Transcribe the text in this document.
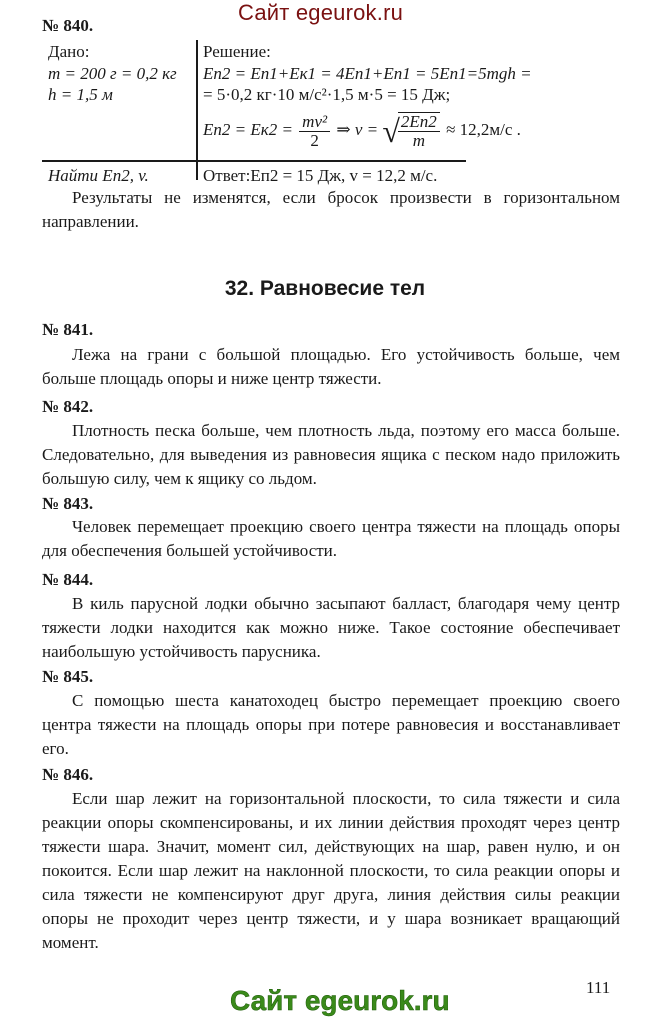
Сайт egeurok.ru
№ 840.
Дано:
m = 200 г = 0,2 кг
h = 1,5 м
Решение:
Eп2 = Eп1+Eк1 = 4Eп1+Eп1 = 5Eп1=5mgh =
= 5·0,2 кг·10 м/с²·1,5 м·5 = 15 Дж;
$Eп2 = Eк2 = \frac{\text{mv²}}{2}$ ⇒ v = √
$\frac{2Eп2}{m} \approx 12,2м/с$ .
Найти Eп2, v.	Ответ:Eп2 = 15 Дж, v = 12,2 м/с.
Результаты не изменятся, если бросок произвести в горизонтальном направлении.
32. Равновесие тел
№ 841.
Лежа на грани с большой площадью. Его устойчивость больше, чем больше площадь опоры и ниже центр тяжести.
№ 842.
Плотность песка больше, чем плотность льда, поэтому его масса больше. Следовательно, для выведения из равновесия ящика с песком надо приложить большую силу, чем к ящику со льдом.
№ 843.
Человек перемещает проекцию своего центра тяжести на площадь опоры для обеспечения большей устойчивости.
№ 844.
В киль парусной лодки обычно засыпают балласт, благодаря чему центр тяжести лодки находится как можно ниже. Такое состояние обеспечивает наибольшую устойчивость парусника.
№ 845.
С помощью шеста канатоходец быстро перемещает проекцию своего центра тяжести на площадь опоры при потере равновесия и восстанавливает его.
№ 846.
Если шар лежит на горизонтальной плоскости, то сила тяжести и сила реакции опоры скомпенсированы, и их линии действия проходят через центр тяжести шара. Значит, момент сил, действующих на шар, равен нулю, и он покоится. Если шар лежит на наклонной плоскости, то сила реакции опоры и сила тяжести не компенсируют друг друга, линия действия силы реакции опоры не проходит через центр тяжести, и у шара возникает вращающий момент.
111
Сайт egeurok.ru
